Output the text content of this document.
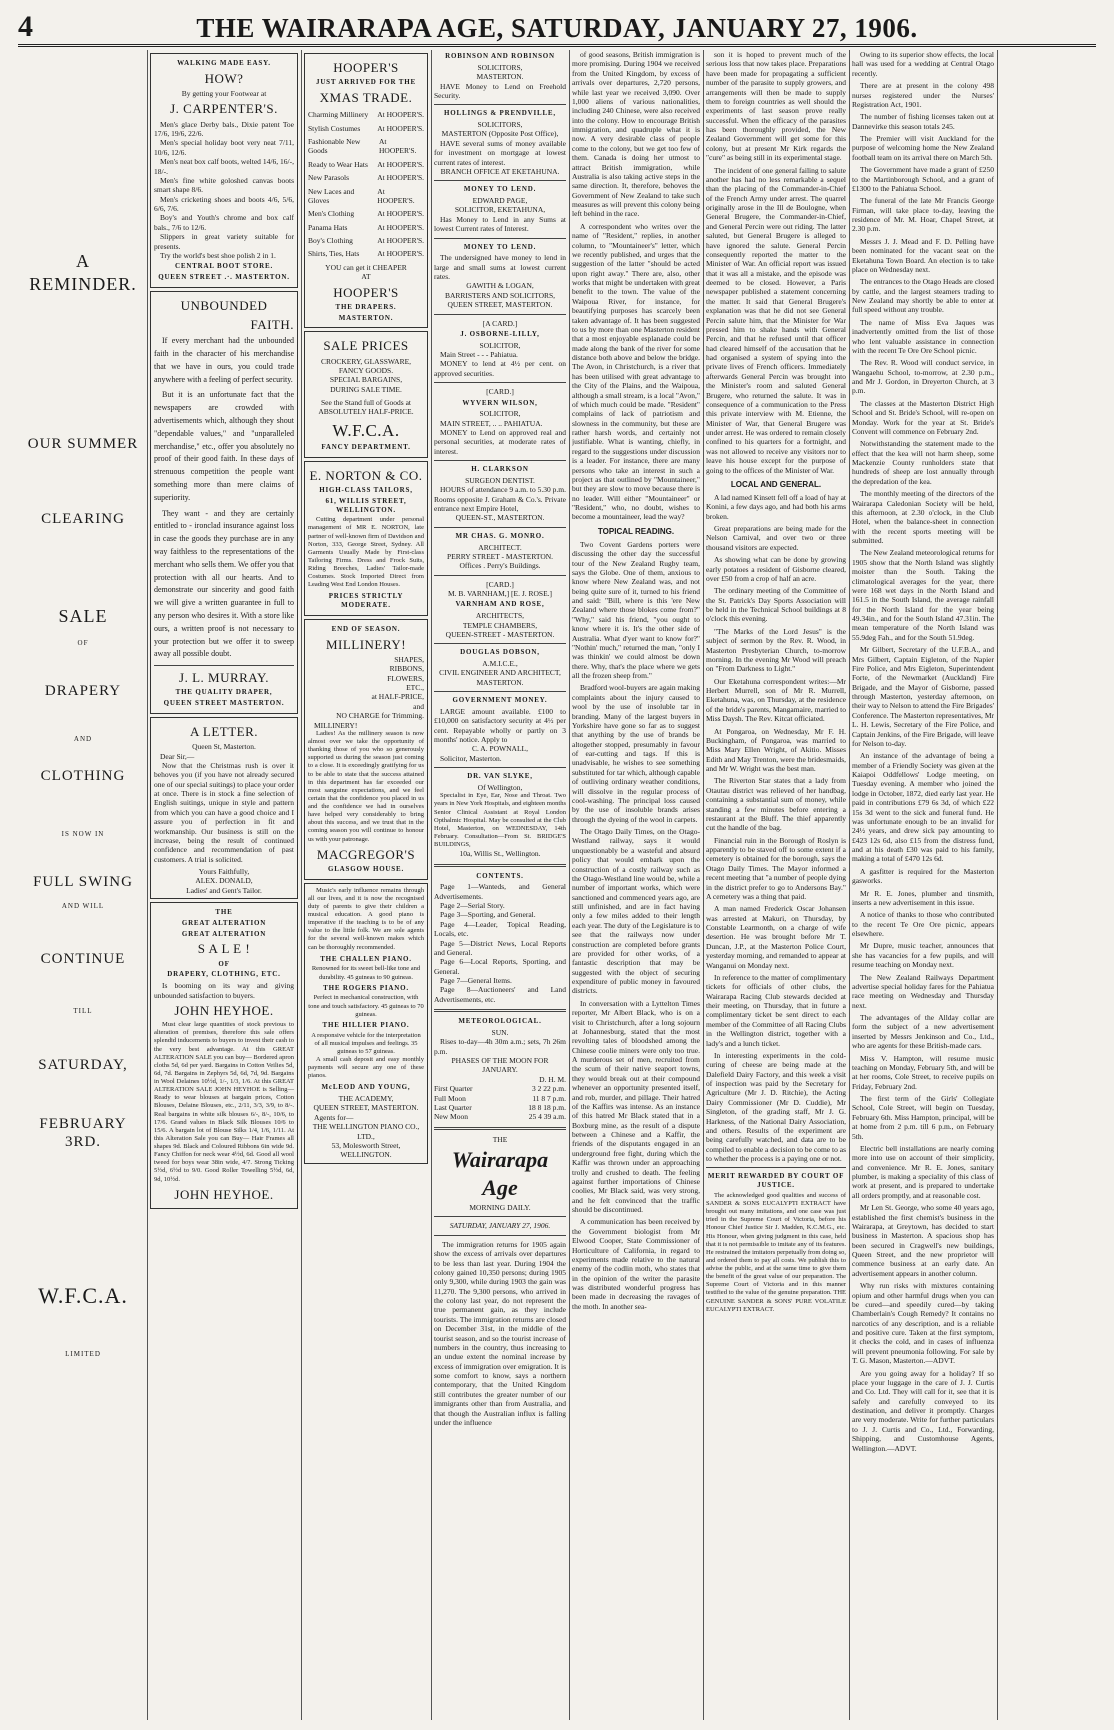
4	THE WAIRARAPA AGE, SATURDAY, JANUARY 27, 1906.
A
REMINDER.
OUR SUMMER
CLEARING
SALE
OF
DRAPERY
AND
CLOTHING
IS NOW IN
FULL SWING
AND WILL
CONTINUE
TILL
SATURDAY,
FEBRUARY 3RD.
W.F.C.A.
LIMITED
WALKING MADE EASY.
HOW?

By getting your Footwear at

J. CARPENTER'S.

Men's glace Derby bals., Dixie patent Toe 17/6, 19/6, 22/6.

Men's special holiday boot very neat 7/11, 10/6, 12/6.

Men's neat box calf boots, welted 14/6, 16/-, 18/-.

Men's fine white goloshed canvas boots smart shape 8/6.

Men's cricketing shoes and boots 4/6, 5/6, 6/6, 7/6.

Boy's and Youth's chrome and box calf bals., 7/6 to 12/6.

Slippers in great variety suitable for presents.

Try the world's best shoe polish 2 in 1.

CENTRAL BOOT STORE.
QUEEN STREET .·. MASTERTON.
UNBOUNDED
FAITH.

If every merchant had the unbounded faith in the character of his merchandise that we have in ours, you could trade anywhere with a feeling of perfect security.

But it is an unfortunate fact that the newspapers are crowded with advertisements which, although they shout "dependable values," and "unparalleled merchandise," etc., offer you absolutely no proof of their good faith. In these days of strenuous competition the people want something more than mere claims of superiority.

They want - and they are certainly entitled to - ironclad insurance against loss in case the goods they purchase are in any way faithless to the representations of the merchant who sells them. We offer you that protection with all our hearts. And to demonstrate our sincerity and good faith we will give a written guarantee in full to any person who desires it. With a store like ours, a written proof is not necessary to your protection but we offer it to sweep away all possible doubt.

J. L. MURRAY.
THE QUALITY DRAPER,
QUEEN STREET MASTERTON.
A LETTER.

Queen St, Masterton.

Dear Sir,—

Now that the Christmas rush is over it behoves you (if you have not already secured one of our special suitings) to place your order at once. There is in stock a fine selection of English suitings, unique in style and pattern from which you can have a good choice and I assure you of perfection in fit and workmanship. Our business is still on the increase, being the result of continued confidence and recommendation of past customers. A trial is solicited.

Yours Faithfully,

ALEX. DONALD,

Ladies' and Gent's Tailor.

THE
GREAT ALTERATION
GREAT ALTERATION
S A L E !
OF
DRAPERY, CLOTHING, ETC.

Is booming on its way and giving unbounded satisfaction to buyers.

JOHN HEYHOE.

Must clear large quantities of stock previous to alteration of premises, therefore this sale offers splendid inducements to buyers to invest their cash to the very best advantage. At this GREAT ALTERATION SALE you can buy— Bordered apron cloths 5d, 6d per yard. Bargains in Cotton Veilies 5d, 6d, 7d. Bargains in Zephyrs 5d, 6d, 7d, 9d. Bargains in Wool Delaines 10½d, 1/-, 1/3, 1/6. At this GREAT ALTERATION SALE JOHN HEYHOE is Selling— Ready to wear blouses at bargain prices, Cotton Blouses, Delaine Blouses, etc., 2/11, 3/3, 3/9, to 8/-. Real bargains in white silk blouses 6/-, 8/-, 10/6, to 17/6. Grand values in Black Silk Blouses 10/6 to 15/6. A bargain lot of Blouse Silks 1/4, 1/6, 1/11. At this Alteration Sale you can Buy— Hair Frames all shapes 9d. Black and Coloured Ribbons 6in wide 9d. Fancy Chiffon for neck wear 4½d, 6d. Good all wool tweed for boys wear 38in wide, 4/7. Strong Ticking 5½d, 6½d to 9/0. Good Roller Towelling 5½d, 6d, 9d, 10½d.

JOHN HEYHOE.
HOOPER'S
JUST ARRIVED FOR THE
XMAS TRADE.
Charming Millinery At HOOPER'S.
Stylish Costumes At HOOPER'S.
Fashionable New Goods
At HOOPER'S.
Ready to Wear Hats At HOOPER'S.
New Parasols	At HOOPER'S.
New Laces and Gloves
At HOOPER'S.
Men's Clothing	At HOOPER'S.
Panama Hats	At HOOPER'S.
Boy's Clothing	At HOOPER'S.
Shirts, Ties, Hats At HOOPER'S.

YOU can get it CHEAPER

AT

HOOPER'S
THE DRAPERS.
MASTERTON.
SALE PRICES

CROCKERY, GLASSWARE, FANCY GOODS.

SPECIAL BARGAINS,

DURING SALE TIME.

See the Stand full of Goods at

ABSOLUTELY HALF-PRICE.

W.F.C.A.
FANCY DEPARTMENT.
E. NORTON & CO.
HIGH-CLASS TAILORS,
61, WILLIS STREET, WELLINGTON.

Cutting department under personal management of MR E. NORTON, late partner of well-known firm of Davidson and Norton, 333, George Street, Sydney. All Garments Usually Made by First-class Tailoring Firms. Dress and Frock Suits, Riding Breeches, Ladies' Tailor-made Costumes. Stock Imported Direct from Leading West End London Houses.

PRICES STRICTLY MODERATE.
END OF SEASON.
MILLINERY!

SHAPES,

RIBBONS,

FLOWERS,

ETC.,

at HALF-PRICE,

and

NO CHARGE for Trimming.

MILLINERY!

Ladies! As the millinery season is now almost over we take the opportunity of thanking those of you who so generously supported us during the season just coming to a close. It is exceedingly gratifying for us to be able to state that the success attained in this department has far exceeded our most sanguine expectations, and we feel certain that the confidence you placed in us and the confidence we had in ourselves have helped very considerably to bring about this success, and we trust that in the coming season you will continue to honour us with your patronage.

MACGREGOR'S
GLASGOW HOUSE.

Music's early influence remains through all our lives, and it is now the recognised duty of parents to give their children a musical education. A good piano is imperative if the teaching is to be of any value to the little folk. We are sole agents for the several well-known makes which can be thoroughly recommended.

THE CHALLEN PIANO.

Renowned for its sweet bell-like tone and durability. 45 guineas to 90 guineas.

THE ROGERS PIANO.

Perfect in mechanical construction, with tone and touch satisfactory. 45 guineas to 70 guineas.

THE HILLIER PIANO.

A responsive vehicle for the interpretation of all musical impulses and feelings. 35 guineas to 57 guineas.

A small cash deposit and easy monthly payments will secure any one of these pianos.

McLEOD AND YOUNG,

THE ACADEMY,

QUEEN STREET, MASTERTON.

Agents for—

THE WELLINGTON PIANO CO., LTD.,

53, Molesworth Street,

WELLINGTON.

ROBINSON AND ROBINSON

SOLICITORS,

MASTERTON.

HAVE Money to Lend on Freehold Security.

HOLLINGS & PRENDVILLE,

SOLICITORS,

MASTERTON (Opposite Post Office),

HAVE several sums of money available for investment on mortgage at lowest current rates of interest.

BRANCH OFFICE AT EKETAHUNA.

MONEY TO LEND.

EDWARD PAGE,

SOLICITOR, EKETAHUNA,

Has Money to Lend in any Sums at lowest Current rates of Interest.

MONEY TO LEND.

The undersigned have money to lend in large and small sums at lowest current rates.

GAWITH & LOGAN,

BARRISTERS AND SOLICITORS,

QUEEN STREET, MASTERTON.

[A CARD.]

J. OSBORNE-LILLY,

SOLICITOR,

Main Street - - - Pahiatua.

MONEY to lend at 4½ per cent. on approved securities.

[CARD.]

WYVERN WILSON,

SOLICITOR,

MAIN STREET, .. .. PAHIATUA.

MONEY to Lend on approved real and personal securities, at moderate rates of interest.

H. CLARKSON

SURGEON DENTIST.

HOURS of attendance 9 a.m. to 5.30 p.m. Rooms opposite J. Graham & Co.'s. Private entrance next Empire Hotel,

QUEEN-ST., MASTERTON.

MR CHAS. G. MONRO.

ARCHITECT.

PERRY STREET - MASTERTON.

Offices . Perry's Buildings.

[CARD.]

M. B. VARNHAM,] [E. J. ROSE.]

VARNHAM AND ROSE,

ARCHITECTS,

TEMPLE CHAMBERS,

QUEEN-STREET - MASTERTON.

DOUGLAS DOBSON,

A.M.I.C.E.,

CIVIL ENGINEER AND ARCHITECT,

MASTERTON.

GOVERNMENT MONEY.

LARGE amount available. £100 to £10,000 on satisfactory security at 4½ per cent. Repayable wholly or partly on 3 months' notice. Apply to

C. A. POWNALL,

Solicitor, Masterton.

DR. VAN SLYKE,

Of Wellington,

Specialist in Eye, Ear, Nose and Throat. Two years in New York Hospitals, and eighteen months Senior Clinical Assistant at Royal London Opthalmic Hospital. May be consulted at the Club Hotel, Masterton, on WEDNESDAY, 14th February. Consultation—From St. BRIDGE'S BUILDINGS,

10a, Willis St., Wellington.

CONTENTS.

Page 1—Wanteds, and General Advertisements.

Page 2—Serial Story.

Page 3—Sporting, and General.

Page 4—Leader, Topical Reading, Locals, etc.

Page 5—District News, Local Reports and General.

Page 6—Local Reports, Sporting, and General.

Page 7—General Items.

Page 8—Auctioneers' and Land Advertisements, etc.

METEOROLOGICAL.

SUN.

Rises to-day—4h 30m a.m.; sets, 7h 26m p.m.

PHASES OF THE MOON FOR JANUARY.

D. H. M.

First Quarter	3 2 22 p.m.
Full Moon	11 8 7 p.m.
Last Quarter	18 8 18 p.m.
New Moon	25 4 39 a.m.

THE

Wairarapa Age

MORNING DAILY.

SATURDAY, JANUARY 27, 1906.

The immigration returns for 1905 again show the excess of arrivals over departures to be less than last year. During 1904 the colony gained 10,350 persons; during 1905 only 9,300, while during 1903 the gain was 11,270. The 9,300 persons, who arrived in the colony last year, do not represent the true permanent gain, as they include tourists. The immigration returns are closed on December 31st, in the middle of the tourist season, and so the tourist increase of numbers in the country, thus increasing to an undue extent the nominal increase by excess of immigration over emigration. It is some comfort to know, says a northern contemporary, that the United Kingdom still contributes the greater number of our immigrants other than from Australia, and that though the Australian influx is falling under the influence

of good seasons, British immigration is more promising. During 1904 we received from the United Kingdom, by excess of arrivals over departures, 2,720 persons, while last year we received 3,090. Over 1,000 aliens of various nationalities, including 240 Chinese, were also received into the colony. How to encourage British immigration, and quadruple what it is now. A very desirable class of people come to the colony, but we get too few of them. Canada is doing her utmost to attract British immigration, while Australia is also taking active steps in the same direction. It, therefore, behoves the Government of New Zealand to take such measures as will prevent this colony being left behind in the race.

A correspondent who writes over the name of "Resident," replies, in another column, to "Mountaineer's" letter, which we recently published, and urges that the suggestion of the latter "should be acted upon right away." There are, also, other works that might be undertaken with great benefit to the town. The value of the Waipoua River, for instance, for beautifying purposes has scarcely been taken advantage of. It has been suggested to us by more than one Masterton resident that a most enjoyable esplanade could be made along the bank of the river for some distance both above and below the bridge. The Avon, in Christchurch, is a river that has been utilised with great advantage to the City of the Plains, and the Waipoua, although a small stream, is a local "Avon," of which much could be made. "Resident" complains of lack of patriotism and slowness in the community, but these are rather harsh words, and certainly not justifiable. What is wanting, chiefly, in regard to the suggestions under discussion is a leader. For instance, there are many persons who take an interest in such a project as that outlined by "Mountaineer," but they are slow to move because there is no leader. Will either "Mountaineer" or "Resident," who, no doubt, wishes to become a mountaineer, lead the way?

TOPICAL READING.

Two Covent Gardens porters were discussing the other day the successful tour of the New Zealand Rugby team, says the Globe. One of them, anxious to know where New Zealand was, and not being quite sure of it, turned to his friend and said: "Bill, where is this 'ere New Zealand where those blokes come from?" "Why," said his friend, "you ought to know where it is. It's the other side of Australia. What d'yer want to know for?" "Nothin' much," returned the man, "only I was thinkin' we could almost be down there. Why, that's the place where we gets all the frozen sheep from."

Bradford wool-buyers are again making complaints about the injury caused to wool by the use of insoluble tar in branding. Many of the largest buyers in Yorkshire have gone so far as to suggest that anything by the use of brands be altogether stopped, presumably in favour of ear-cutting and tags. If this is unadvisable, he wishes to see something substituted for tar which, although capable of outliving ordinary weather conditions, will dissolve in the regular process of cool-washing. The principal loss caused by the use of insoluble brands arises through the dyeing of the wool in carpets.

The Otago Daily Times, on the Otago-Westland railway, says it would unquestionably be a wasteful and absurd policy that would embark upon the construction of a costly railway such as the Otago-Westland line would be, while a number of important works, which were sanctioned and commenced years ago, are still unfinished, and are in fact having only a few miles added to their length each year. The duty of the Legislature is to see that the railways now under construction are completed before grants are provided for other works, of a fantastic description that may be suggested with the object of securing expenditure of public money in favoured districts.

In conversation with a Lyttelton Times reporter, Mr Albert Black, who is on a visit to Christchurch, after a long sojourn at Johannesburg, stated that the most revolting tales of bloodshed among the Chinese coolie miners were only too true. A murderous set of men, recruited from the scum of their native seaport towns, they would break out at their compound whenever an opportunity presented itself, and rob, murder, and pillage. Their hatred of the Kaffirs was intense. As an instance of this hatred Mr Black stated that in a Boxburg mine, as the result of a dispute between a Chinese and a Kaffir, the friends of the disputants engaged in an underground free fight, during which the Kaffir was thrown under an approaching trolly and crushed to death. The feeling against further importations of Chinese coolies, Mr Black said, was very strong, and he felt convinced that the traffic should be discontinued.

A communication has been received by the Government biologist from Mr Elwood Cooper, State Commissioner of Horticulture of California, in regard to experiments made relative to the natural enemy of the codlin moth, who states that in the opinion of the writer the parasite was distributed wonderful progress has been made in decreasing the ravages of the moth. In another sea-

son it is hoped to prevent much of the serious loss that now takes place. Preparations have been made for propagating a sufficient number of the parasite to supply growers, and arrangements will then be made to supply them to foreign countries as well should the experiments of last season prove really successful. When the efficacy of the parasites has been thoroughly provided, the New Zealand Government will get some for this colony, but at present Mr Kirk regards the "cure" as being still in its experimental stage.

The incident of one general failing to salute another has had no less remarkable a sequel than the placing of the Commander-in-Chief of the French Army under arrest. The quarrel originally arose in the Ill de Boulogne, when General Brugere, the Commander-in-Chief, and General Percin were out riding. The latter saluted, but General Brugere is alleged to have ignored the salute. General Percin consequently reported the matter to the Minister of War. An official report was issued that it was all a mistake, and the episode was deemed to be closed. However, a Paris newspaper published a statement concerning the matter. It said that General Brugere's explanation was that he did not see General Percin salute him, that the Minister for War pressed him to shake hands with General Percin, and that he refused until that officer had cleared himself of the accusation that he had organised a system of spying into the private lives of French officers. Immediately afterwards General Percin was brought into the Minister's room and saluted General Brugere, who returned the salute. It was in consequence of a communication to the Press this private interview with M. Etienne, the Minister of War, that General Brugere was under arrest. He was ordered to remain closely confined to his quarters for a fortnight, and was not allowed to receive any visitors nor to leave his house except for the purpose of going to the offices of the Minister of War.

LOCAL AND GENERAL.

A lad named Kinsett fell off a load of hay at Konini, a few days ago, and had both his arms broken.

Great preparations are being made for the Nelson Carnival, and over two or three thousand visitors are expected.

As showing what can be done by growing early potatoes a resident of Gisborne cleared, over £50 from a crop of half an acre.

The ordinary meeting of the Committee of the St. Patrick's Day Sports Association will be held in the Technical School buildings at 8 o'clock this evening.

"The Marks of the Lord Jesus" is the subject of sermon by the Rev. R. Wood, in Masterton Presbyterian Church, to-morrow morning. In the evening Mr Wood will preach on "From Darkness to Light."

Our Eketahuna correspondent writes:—Mr Herbert Murrell, son of Mr R. Murrell, Eketahuna, was, on Thursday, at the residence of the bride's parents, Mangamaire, married to Miss Daysh. The Rev. Kitcat officiated.

At Pongaroa, on Wednesday, Mr F. H. Buckingham, of Pongaroa, was married to Miss Mary Ellen Wright, of Akitio. Misses Edith and May Trenton, were the bridesmaids, and Mr W. Wright was the best man.

The Riverton Star states that a lady from Otautau district was relieved of her handbag, containing a substantial sum of money, while standing a few minutes before entering a restaurant at the Bluff. The thief apparently cut the handle of the bag.

Financial ruin in the Borough of Roslyn is apparently to be staved off to some extent if a cemetery is obtained for the borough, says the Otago Daily Times. The Mayor informed a recent meeting that "a number of people dying in the district prefer to go to Andersons Bay." A cemetery was a thing that paid.

A man named Frederick Oscar Johansen was arrested at Makuri, on Thursday, by Constable Learmonth, on a charge of wife desertion. He was brought before Mr T. Duncan, J.P., at the Masterton Police Court, yesterday morning, and remanded to appear at Wanganui on Monday next.

In reference to the matter of complimentary tickets for officials of other clubs, the Wairarapa Racing Club stewards decided at their meeting, on Thursday, that in future a complimentary ticket be sent direct to each member of the Committee of all Racing Clubs in the Wellington district, together with a lady's and a lunch ticket.

In interesting experiments in the cold-curing of cheese are being made at the Dalefield Dairy Factory, and this week a visit of inspection was paid by the Secretary for Agriculture (Mr J. D. Ritchie), the Acting Dairy Commissioner (Mr D. Cuddie), Mr Singleton, of the grading staff, Mr J. G. Harkness, of the National Dairy Association, and others. Results of the experiment are being carefully watched, and data are to be compiled to enable a decision to be come to as to whether the process is a paying one or not.

MERIT REWARDED BY COURT OF JUSTICE.

The acknowledged good qualities and success of SANDER & SONS EUCALYPTI EXTRACT have brought out many imitations, and one case was just tried in the Supreme Court of Victoria, before his Honour Chief Justice Sir J. Madden, K.C.M.G., etc. His Honour, when giving judgment in this case, held that it is not permissible to imitate any of its features. He restrained the imitators perpetually from doing so, and ordered them to pay all costs. We publish this to advise the public, and at the same time to give them the benefit of the great value of our preparation. The Supreme Court of Victoria and in this manner testified to the value of the genuine preparation. THE GENUINE SANDER & SONS' PURE VOLATILE EUCALYPTI EXTRACT.

Owing to its superior show effects, the local hall was used for a wedding at Central Otago recently.

There are at present in the colony 498 nurses registered under the Nurses' Registration Act, 1901.

The number of fishing licenses taken out at Dannevirke this season totals 245.

The Premier will visit Auckland for the purpose of welcoming home the New Zealand football team on its arrival there on March 5th.

The Government have made a grant of £250 to the Martinborough School, and a grant of £1300 to the Pahiatua School.

The funeral of the late Mr Francis George Firman, will take place to-day, leaving the residence of Mr. M. Hoar, Chapel Street, at 2.30 p.m.

Messrs J. J. Mead and F. D. Pelling have been nominated for the vacant seat on the Eketahuna Town Board. An election is to take place on Wednesday next.

The entrances to the Otago Heads are closed by cattle, and the largest steamers trading to New Zealand may shortly be able to enter at full speed without any trouble.

The name of Miss Eva Jaques was inadvertently omitted from the list of those who lent valuable assistance in connection with the recent Te Ore Ore School picnic.

The Rev. R. Wood will conduct service, in Wangaehu School, to-morrow, at 2.30 p.m., and Mr J. Gordon, in Dreyerton Church, at 3 p.m.

The classes at the Masterton District High School and St. Bride's School, will re-open on Monday. Work for the year at St. Bride's Convent will commence on February 2nd.

Notwithstanding the statement made to the effect that the kea will not harm sheep, some Mackenzie County runholders state that hundreds of sheep are lost annually through the depredation of the kea.

The monthly meeting of the directors of the Wairarapa Caledonian Society will be held, this afternoon, at 2.30 o'clock, in the Club Hotel, when the balance-sheet in connection with the recent sports meeting will be submitted.

The New Zealand meteorological returns for 1905 show that the North Island was slightly moister than the South. Taking the climatological averages for the year, there were 168 wet days in the North Island and 161.5 in the South Island, the average rainfall for the North Island for the year being 49.34in., and for the South Island 47.31in. The mean temperature of the North Island was 55.9deg Fah., and for the South 51.9deg.

Mr Gilbert, Secretary of the U.F.B.A., and Mrs Gilbert, Captain Eigleton, of the Napier Fire Police, and Mrs Eigleton, Superintendent Forte, of the Newmarket (Auckland) Fire Brigade, and the Mayor of Gisborne, passed through Masterton, yesterday afternoon, on their way to Nelson to attend the Fire Brigades' Conference. The Masterton representatives, Mr L. H. Lewis, Secretary of the Fire Police, and Captain Jenkins, of the Fire Brigade, will leave for Nelson to-day.

An instance of the advantage of being a member of a Friendly Society was given at the Kaiapoi Oddfellows' Lodge meeting, on Tuesday evening. A member who joined the lodge in October, 1872, died early last year. He paid in contributions £79 6s 3d, of which £22 15s 3d went to the sick and funeral fund. He was unfortunate enough to be an invalid for 24½ years, and drew sick pay amounting to £423 12s 6d, also £15 from the distress fund, and at his death £30 was paid to his family, making a total of £470 12s 6d.

A gasfitter is required for the Masterton gasworks.

Mr R. E. Jones, plumber and tinsmith, inserts a new advertisement in this issue.

A notice of thanks to those who contributed to the recent Te Ore Ore picnic, appears elsewhere.

Mr Dupre, music teacher, announces that she has vacancies for a few pupils, and will resume teaching on Monday next.

The New Zealand Railways Department advertise special holiday fares for the Pahiatua race meeting on Wednesday and Thursday next.

The advantages of the Allday collar are form the subject of a new advertisement inserted by Messrs Jenkinson and Co., Ltd., who are agents for these British-made cars.

Miss V. Hampton, will resume music teaching on Monday, February 5th, and will be at her rooms, Cole Street, to receive pupils on Friday, February 2nd.

The first term of the Girls' Collegiate School, Cole Street, will begin on Tuesday, February 6th. Miss Hampton, principal, will be at home from 2 p.m. till 6 p.m., on February 5th.

Electric bell installations are nearly coming more into use on account of their simplicity, and convenience. Mr R. E. Jones, sanitary plumber, is making a speciality of this class of work at present, and is prepared to undertake all orders promptly, and at reasonable cost.

Mr Len St. George, who some 40 years ago, established the first chemist's business in the Wairarapa, at Greytown, has decided to start business in Masterton. A spacious shop has been secured in Cragwell's new buildings, Queen Street, and the new proprietor will commence business at an early date. An advertisement appears in another column.

Why run risks with mixtures containing opium and other harmful drugs when you can be cured—and speedily cured—by taking Chamberlain's Cough Remedy? It contains no narcotics of any description, and is a reliable and positive cure. Taken at the first symptom, it checks the cold, and in cases of influenza will prevent pneumonia following. For sale by T. G. Mason, Masterton.—ADVT.

Are you going away for a holiday? If so place your luggage in the care of J. J. Curtis and Co. Ltd. They will call for it, see that it is safely and carefully conveyed to its destination, and deliver it promptly. Charges are very moderate. Write for further particulars to J. J. Curtis and Co., Ltd., Forwarding, Shipping, and Customhouse Agents, Wellington.—ADVT.
